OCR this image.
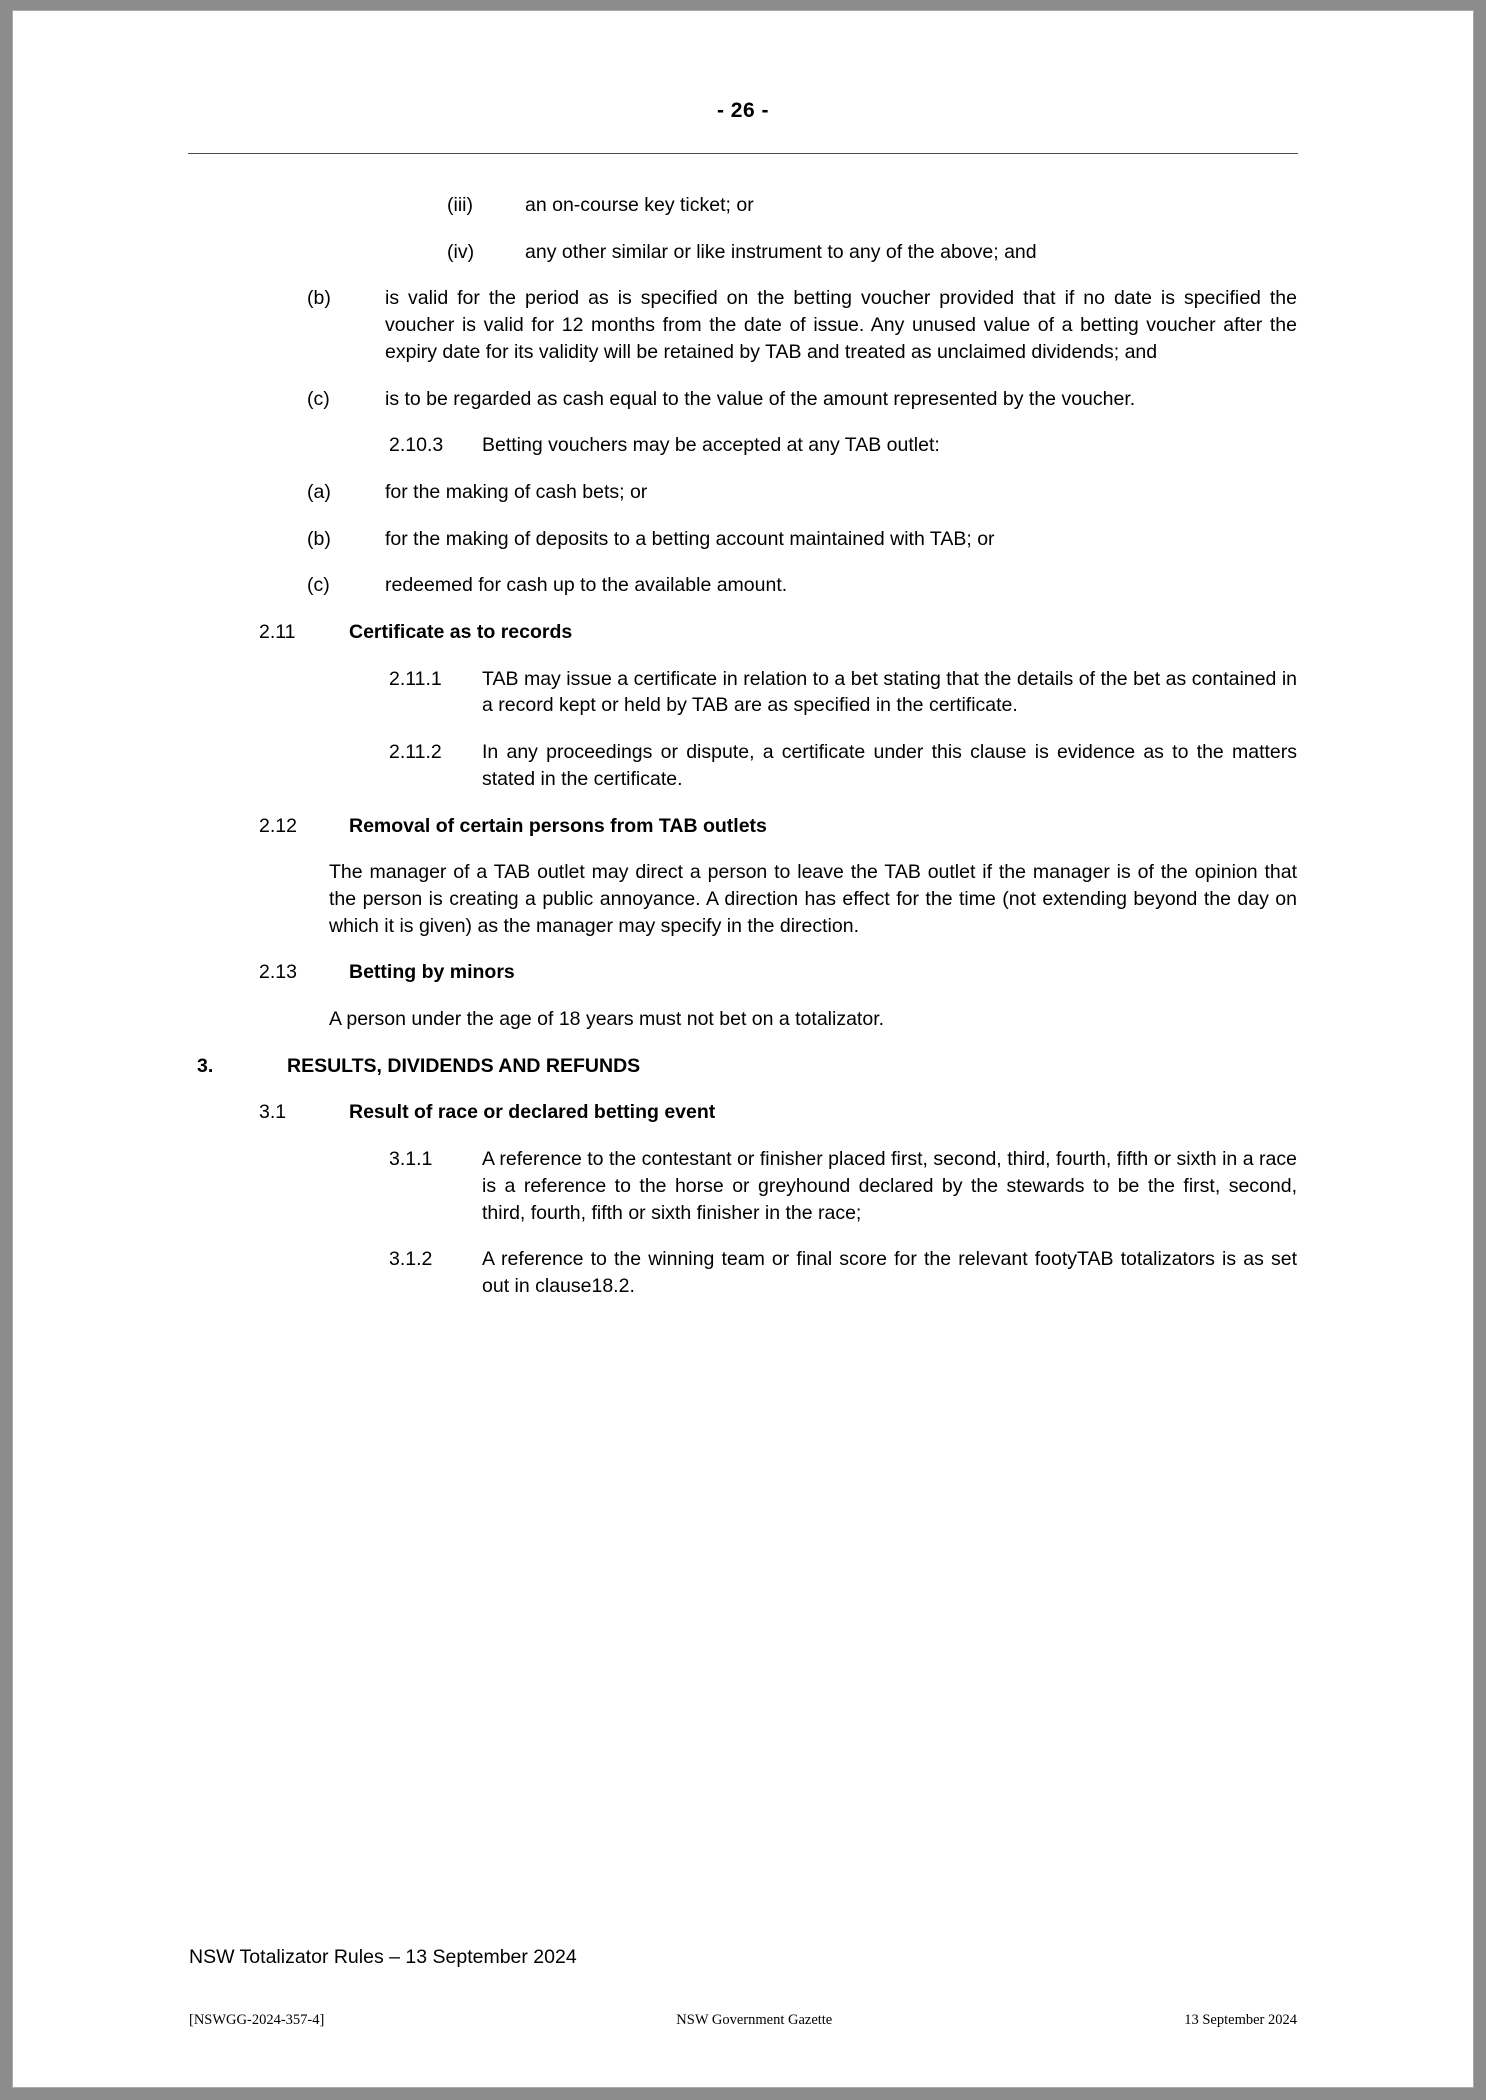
- 26 -
(iii)	an on-course key ticket; or
(iv)	any other similar or like instrument to any of the above; and
(b)	is valid for the period as is specified on the betting voucher provided that if no date is specified the voucher is valid for 12 months from the date of issue. Any unused value of a betting voucher after the expiry date for its validity will be retained by TAB and treated as unclaimed dividends; and
(c)	is to be regarded as cash equal to the value of the amount represented by the voucher.
2.10.3	Betting vouchers may be accepted at any TAB outlet:
(a)	for the making of cash bets; or
(b)	for the making of deposits to a betting account maintained with TAB; or
(c)	redeemed for cash up to the available amount.
2.11	Certificate as to records
2.11.1	TAB may issue a certificate in relation to a bet stating that the details of the bet as contained in a record kept or held by TAB are as specified in the certificate.
2.11.2	In any proceedings or dispute, a certificate under this clause is evidence as to the matters stated in the certificate.
2.12	Removal of certain persons from TAB outlets
The manager of a TAB outlet may direct a person to leave the TAB outlet if the manager is of the opinion that the person is creating a public annoyance. A direction has effect for the time (not extending beyond the day on which it is given) as the manager may specify in the direction.
2.13	Betting by minors
A person under the age of 18 years must not bet on a totalizator.
3.	RESULTS, DIVIDENDS AND REFUNDS
3.1	Result of race or declared betting event
3.1.1	A reference to the contestant or finisher placed first, second, third, fourth, fifth or sixth in a race is a reference to the horse or greyhound declared by the stewards to be the first, second, third, fourth, fifth or sixth finisher in the race;
3.1.2	A reference to the winning team or final score for the relevant footyTAB totalizators is as set out in clause18.2.
NSW Totalizator Rules – 13 September 2024
[NSWGG-2024-357-4]	NSW Government Gazette	13 September 2024
